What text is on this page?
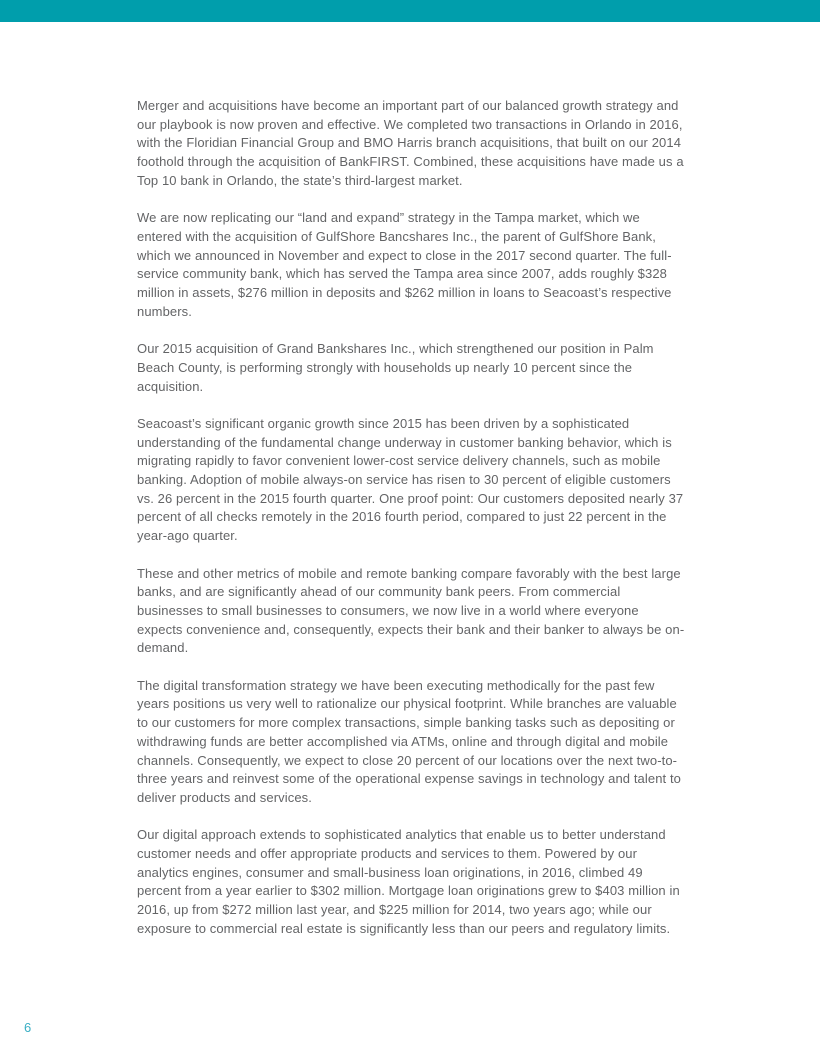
Merger and acquisitions have become an important part of our balanced growth strategy and our playbook is now proven and effective. We completed two transactions in Orlando in 2016, with the Floridian Financial Group and BMO Harris branch acquisitions, that built on our 2014 foothold through the acquisition of BankFIRST. Combined, these acquisitions have made us a Top 10 bank in Orlando, the state’s third-largest market.

We are now replicating our “land and expand” strategy in the Tampa market, which we entered with the acquisition of GulfShore Bancshares Inc., the parent of GulfShore Bank, which we announced in November and expect to close in the 2017 second quarter. The full-service community bank, which has served the Tampa area since 2007, adds roughly $328 million in assets, $276 million in deposits and $262 million in loans to Seacoast’s respective numbers.

Our 2015 acquisition of Grand Bankshares Inc., which strengthened our position in Palm Beach County, is performing strongly with households up nearly 10 percent since the acquisition.

Seacoast’s significant organic growth since 2015 has been driven by a sophisticated understanding of the fundamental change underway in customer banking behavior, which is migrating rapidly to favor convenient lower-cost service delivery channels, such as mobile banking. Adoption of mobile always-on service has risen to 30 percent of eligible customers vs. 26 percent in the 2015 fourth quarter. One proof point: Our customers deposited nearly 37 percent of all checks remotely in the 2016 fourth period, compared to just 22 percent in the year-ago quarter.

These and other metrics of mobile and remote banking compare favorably with the best large banks, and are significantly ahead of our community bank peers. From commercial businesses to small businesses to consumers, we now live in a world where everyone expects convenience and, consequently, expects their bank and their banker to always be on-demand.

The digital transformation strategy we have been executing methodically for the past few years positions us very well to rationalize our physical footprint. While branches are valuable to our customers for more complex transactions, simple banking tasks such as depositing or withdrawing funds are better accomplished via ATMs, online and through digital and mobile channels. Consequently, we expect to close 20 percent of our locations over the next two-to-three years and reinvest some of the operational expense savings in technology and talent to deliver products and services.

Our digital approach extends to sophisticated analytics that enable us to better understand customer needs and offer appropriate products and services to them. Powered by our analytics engines, consumer and small-business loan originations, in 2016, climbed 49 percent from a year earlier to $302 million. Mortgage loan originations grew to $403 million in 2016, up from $272 million last year, and $225 million for 2014, two years ago; while our exposure to commercial real estate is significantly less than our peers and regulatory limits.

6
